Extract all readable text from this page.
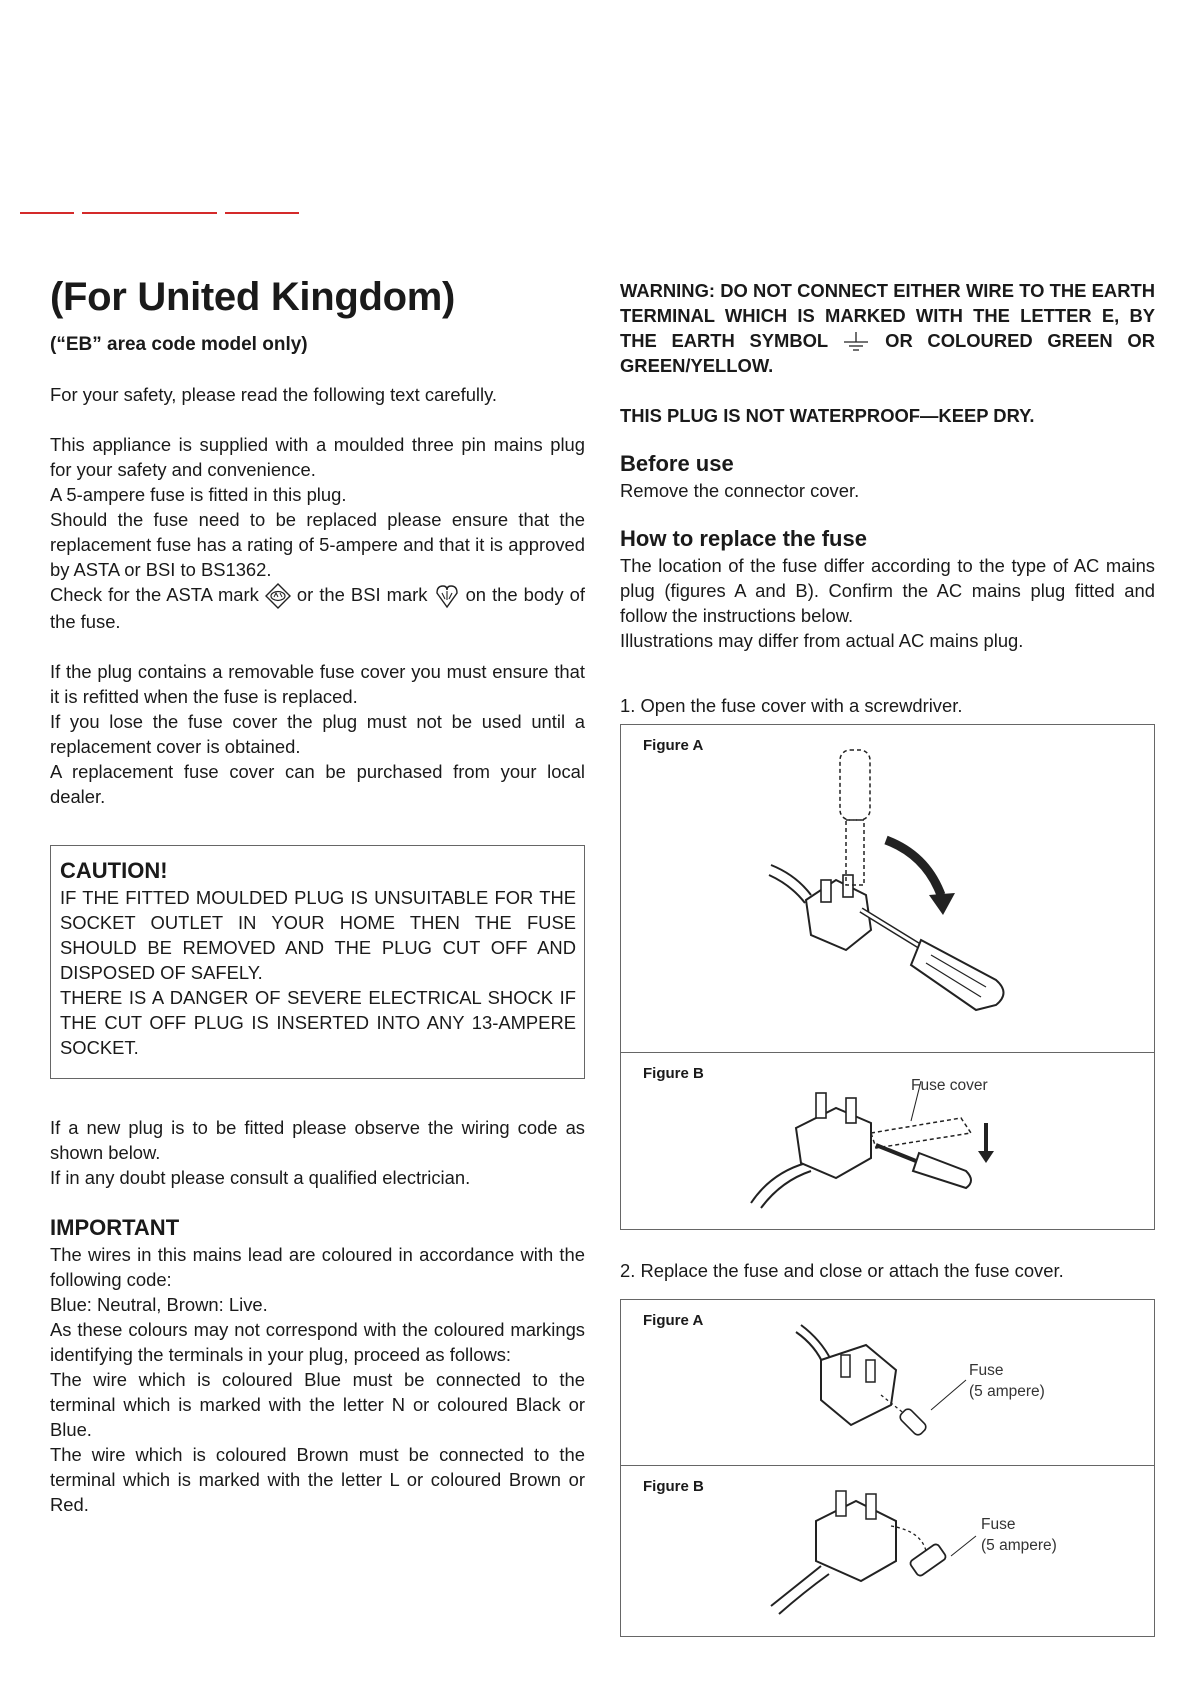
(For United Kingdom)
(“EB” area code model only)

For your safety, please read the following text carefully.

This appliance is supplied with a moulded three pin mains plug for your safety and convenience.

A 5-ampere fuse is fitted in this plug.

Should the fuse need to be replaced please ensure that the replacement fuse has a rating of 5-ampere and that it is approved by ASTA or BSI to BS1362.

Check for the ASTA mark or the BSI mark on the body of the fuse.

If the plug contains a removable fuse cover you must ensure that it is refitted when the fuse is replaced.

If you lose the fuse cover the plug must not be used until a replacement cover is obtained.

A replacement fuse cover can be purchased from your local dealer.

CAUTION!

IF THE FITTED MOULDED PLUG IS UNSUITABLE FOR THE SOCKET OUTLET IN YOUR HOME THEN THE FUSE SHOULD BE REMOVED AND THE PLUG CUT OFF AND DISPOSED OF SAFELY.

THERE IS A DANGER OF SEVERE ELECTRICAL SHOCK IF THE CUT OFF PLUG IS INSERTED INTO ANY 13-AMPERE SOCKET.

If a new plug is to be fitted please observe the wiring code as shown below.

If in any doubt please consult a qualified electrician.

IMPORTANT

The wires in this mains lead are coloured in accordance with the following code:

Blue: Neutral, Brown: Live.

As these colours may not correspond with the coloured markings identifying the terminals in your plug, proceed as follows:

The wire which is coloured Blue must be connected to the terminal which is marked with the letter N or coloured Black or Blue.

The wire which is coloured Brown must be connected to the terminal which is marked with the letter L or coloured Brown or Red.

WARNING: DO NOT CONNECT EITHER WIRE TO THE EARTH TERMINAL WHICH IS MARKED WITH THE LETTER E, BY THE EARTH SYMBOL	OR COLOURED GREEN OR GREEN/YELLOW.

THIS PLUG IS NOT WATERPROOF—KEEP DRY.

Before use

Remove the connector cover.

How to replace the fuse

The location of the fuse differ according to the type of AC mains plug (figures A and B). Confirm the AC mains plug fitted and follow the instructions below.

Illustrations may differ from actual AC mains plug.

1. Open the fuse cover with a screwdriver.

Figure A
Figure B
Fuse cover

2. Replace the fuse and close or attach the fuse cover.

Figure A
Fuse
(5 ampere)
Figure B
Fuse
(5 ampere)
